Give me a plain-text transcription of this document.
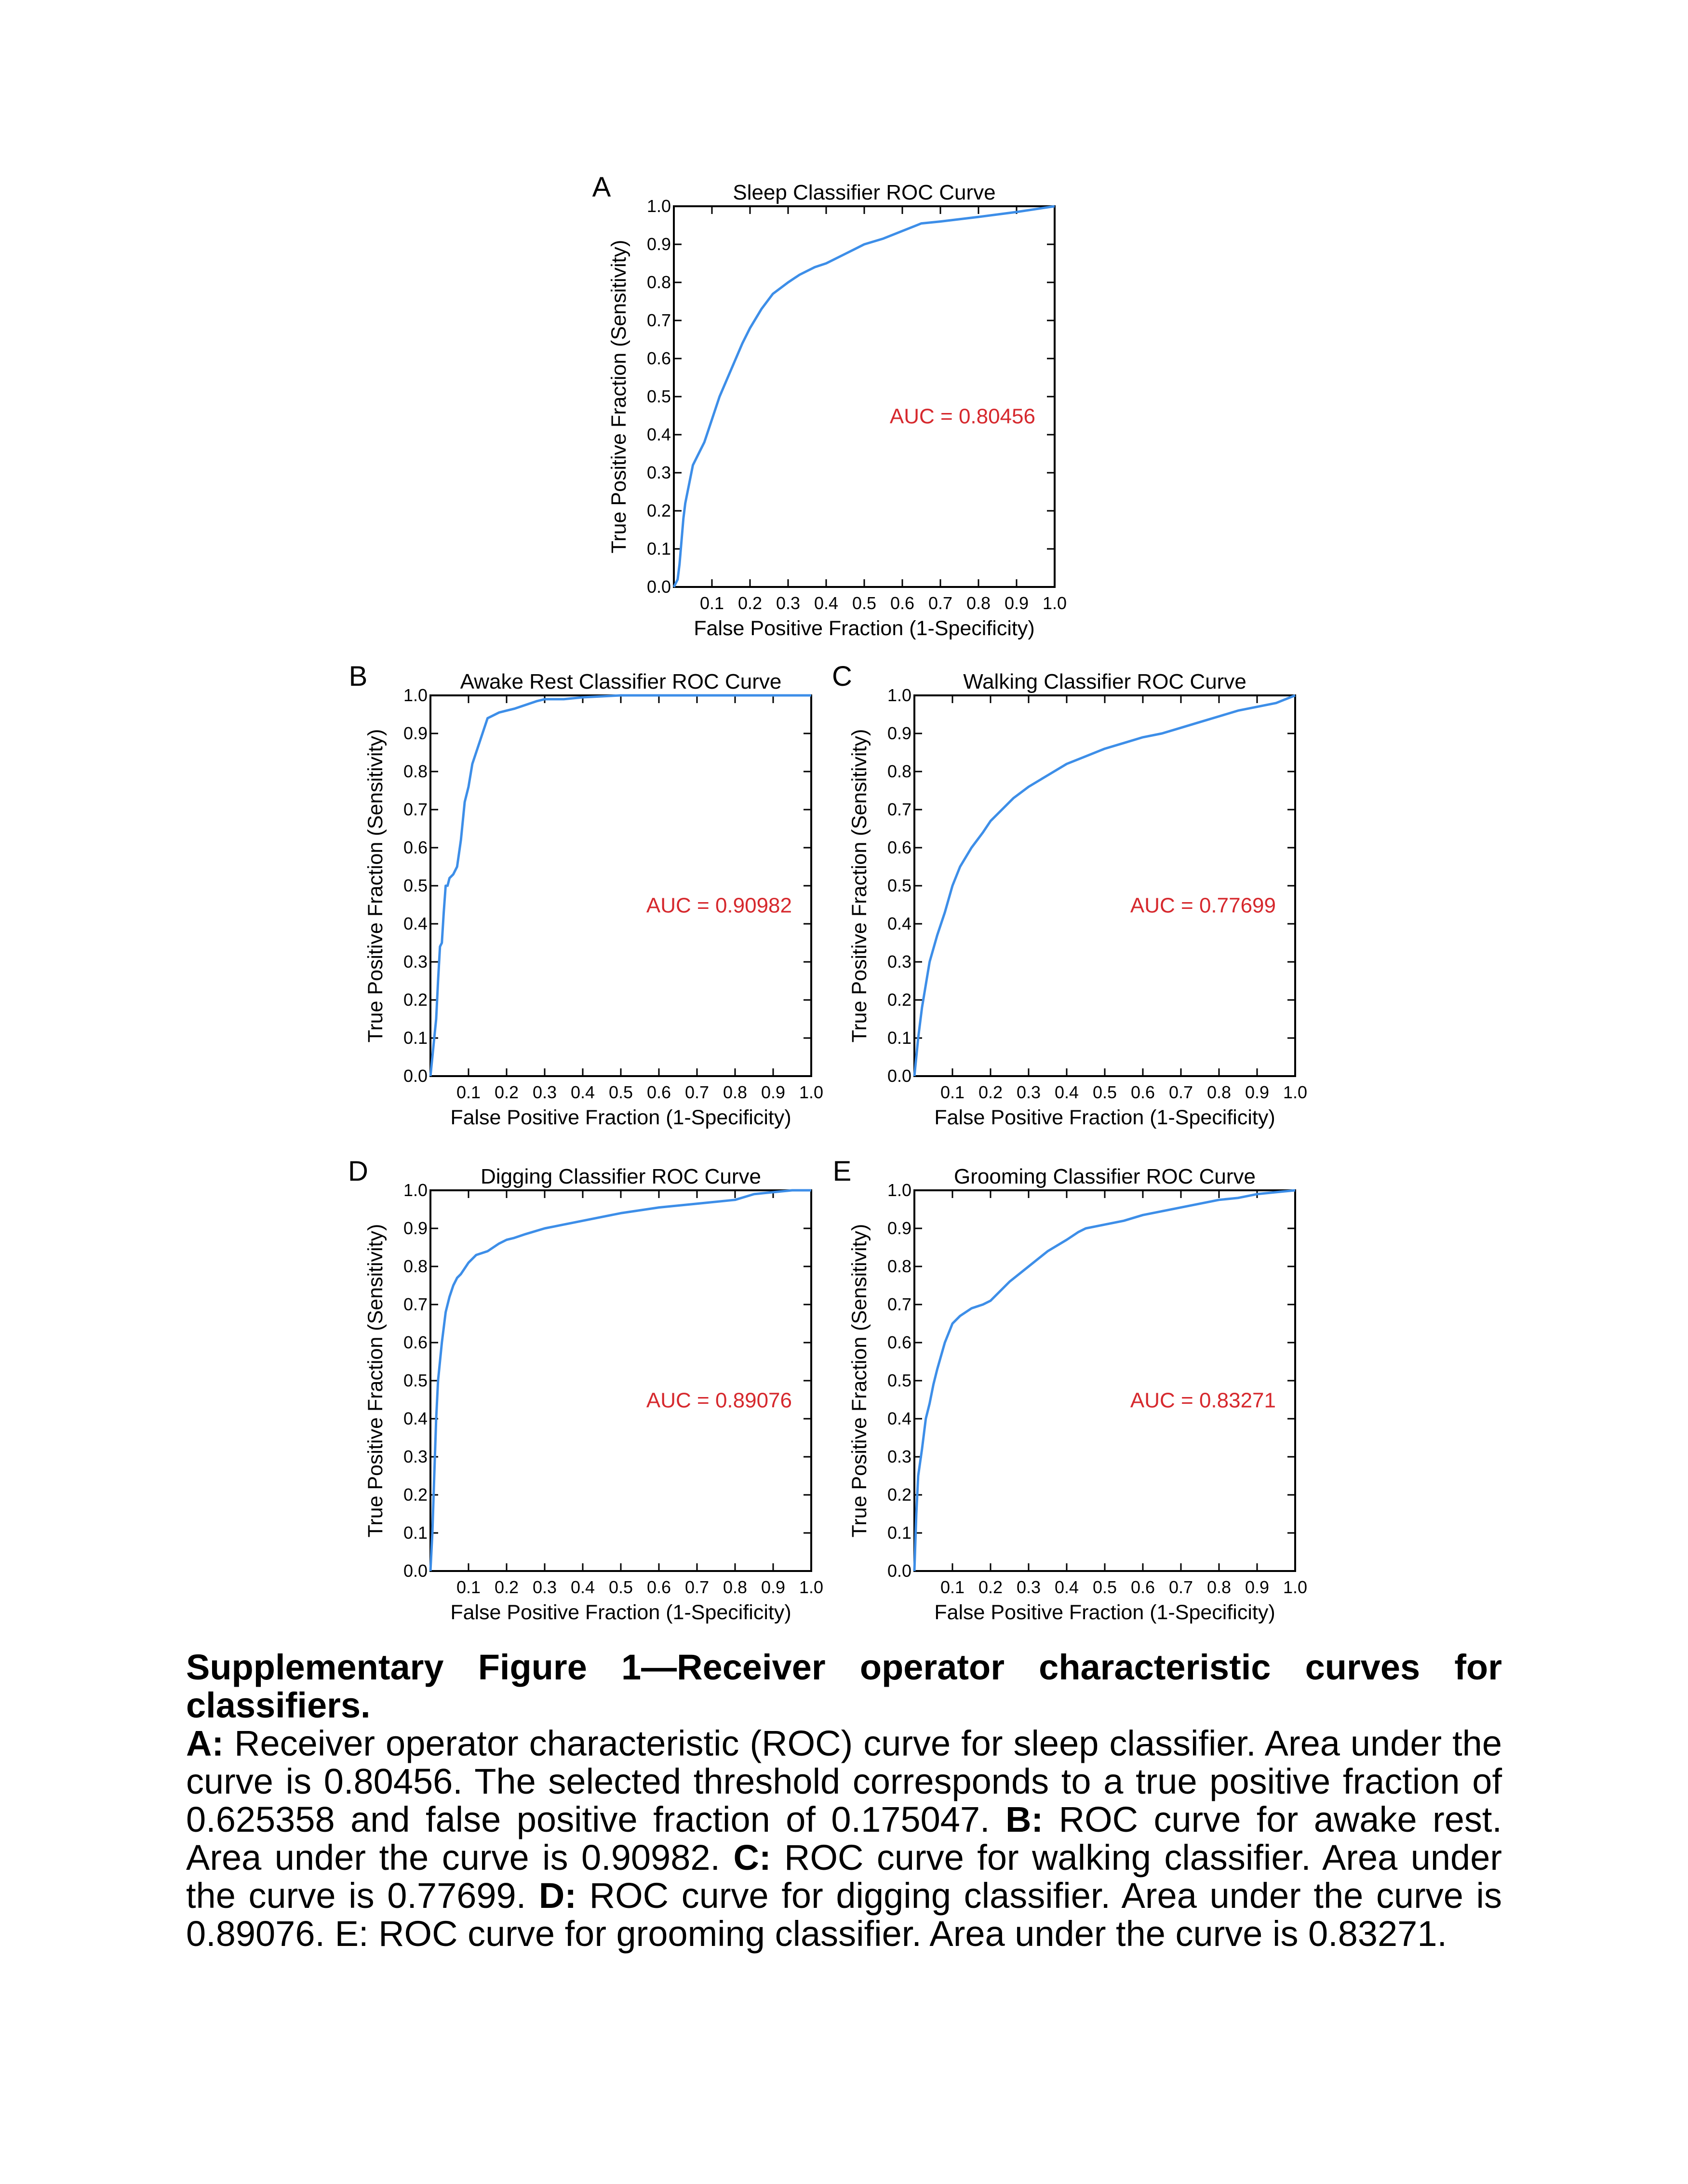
0.0
0.1
0.2
0.3
0.4
0.5
0.6
0.7
0.8
0.9
1.0
0.1 0.2 0.3 0.4 0.5 0.6 0.7 0.8 0.9 1.0
Sleep Classifier ROC Curve
A
False Positive Fraction (1-Specificity)
True Positive Fraction (Sensitivity)	AUC = 0.80456
0.0
0.1
0.2
0.3
0.4
0.5
0.6
0.7
0.8
0.9
1.0
0.1 0.2 0.3 0.4 0.5 0.6 0.7 0.8 0.9 1.0
Awake Rest Classifier ROC Curve
B
False Positive Fraction (1-Specificity)
True Positive Fraction (Sensitivity)	AUC = 0.90982
0.0
0.1
0.2
0.3
0.4
0.5
0.6
0.7
0.8
0.9
1.0
0.1 0.2 0.3 0.4 0.5 0.6 0.7 0.8 0.9 1.0
Walking Classifier ROC Curve
C
False Positive Fraction (1-Specificity)
True Positive Fraction (Sensitivity)	AUC = 0.77699
0.0
0.1
0.2
0.3
0.4
0.5
0.6
0.7
0.8
0.9
1.0
0.1 0.2 0.3 0.4 0.5 0.6 0.7 0.8 0.9 1.0
Digging Classifier ROC Curve
D
False Positive Fraction (1-Specificity)
True Positive Fraction (Sensitivity)	AUC = 0.89076
0.0
0.1
0.2
0.3
0.4
0.5
0.6
0.7
0.8
0.9
1.0
0.1 0.2 0.3 0.4 0.5 0.6 0.7 0.8 0.9 1.0
Grooming Classifier ROC Curve
E
False Positive Fraction (1-Specificity)
True Positive Fraction (Sensitivity)	AUC = 0.83271

Supplementary Figure 1—Receiver operator characteristic curves for classifiers.
A: Receiver operator characteristic (ROC) curve for sleep classifier. Area under the curve is 0.80456. The selected threshold corresponds to a true positive fraction of 0.625358 and false positive fraction of 0.175047. B: ROC curve for awake rest. Area under the curve is 0.90982. C: ROC curve for walking classifier. Area under the curve is 0.77699. D: ROC curve for digging classifier. Area under the curve is 0.89076. E: ROC curve for grooming classifier. Area under the curve is 0.83271.
